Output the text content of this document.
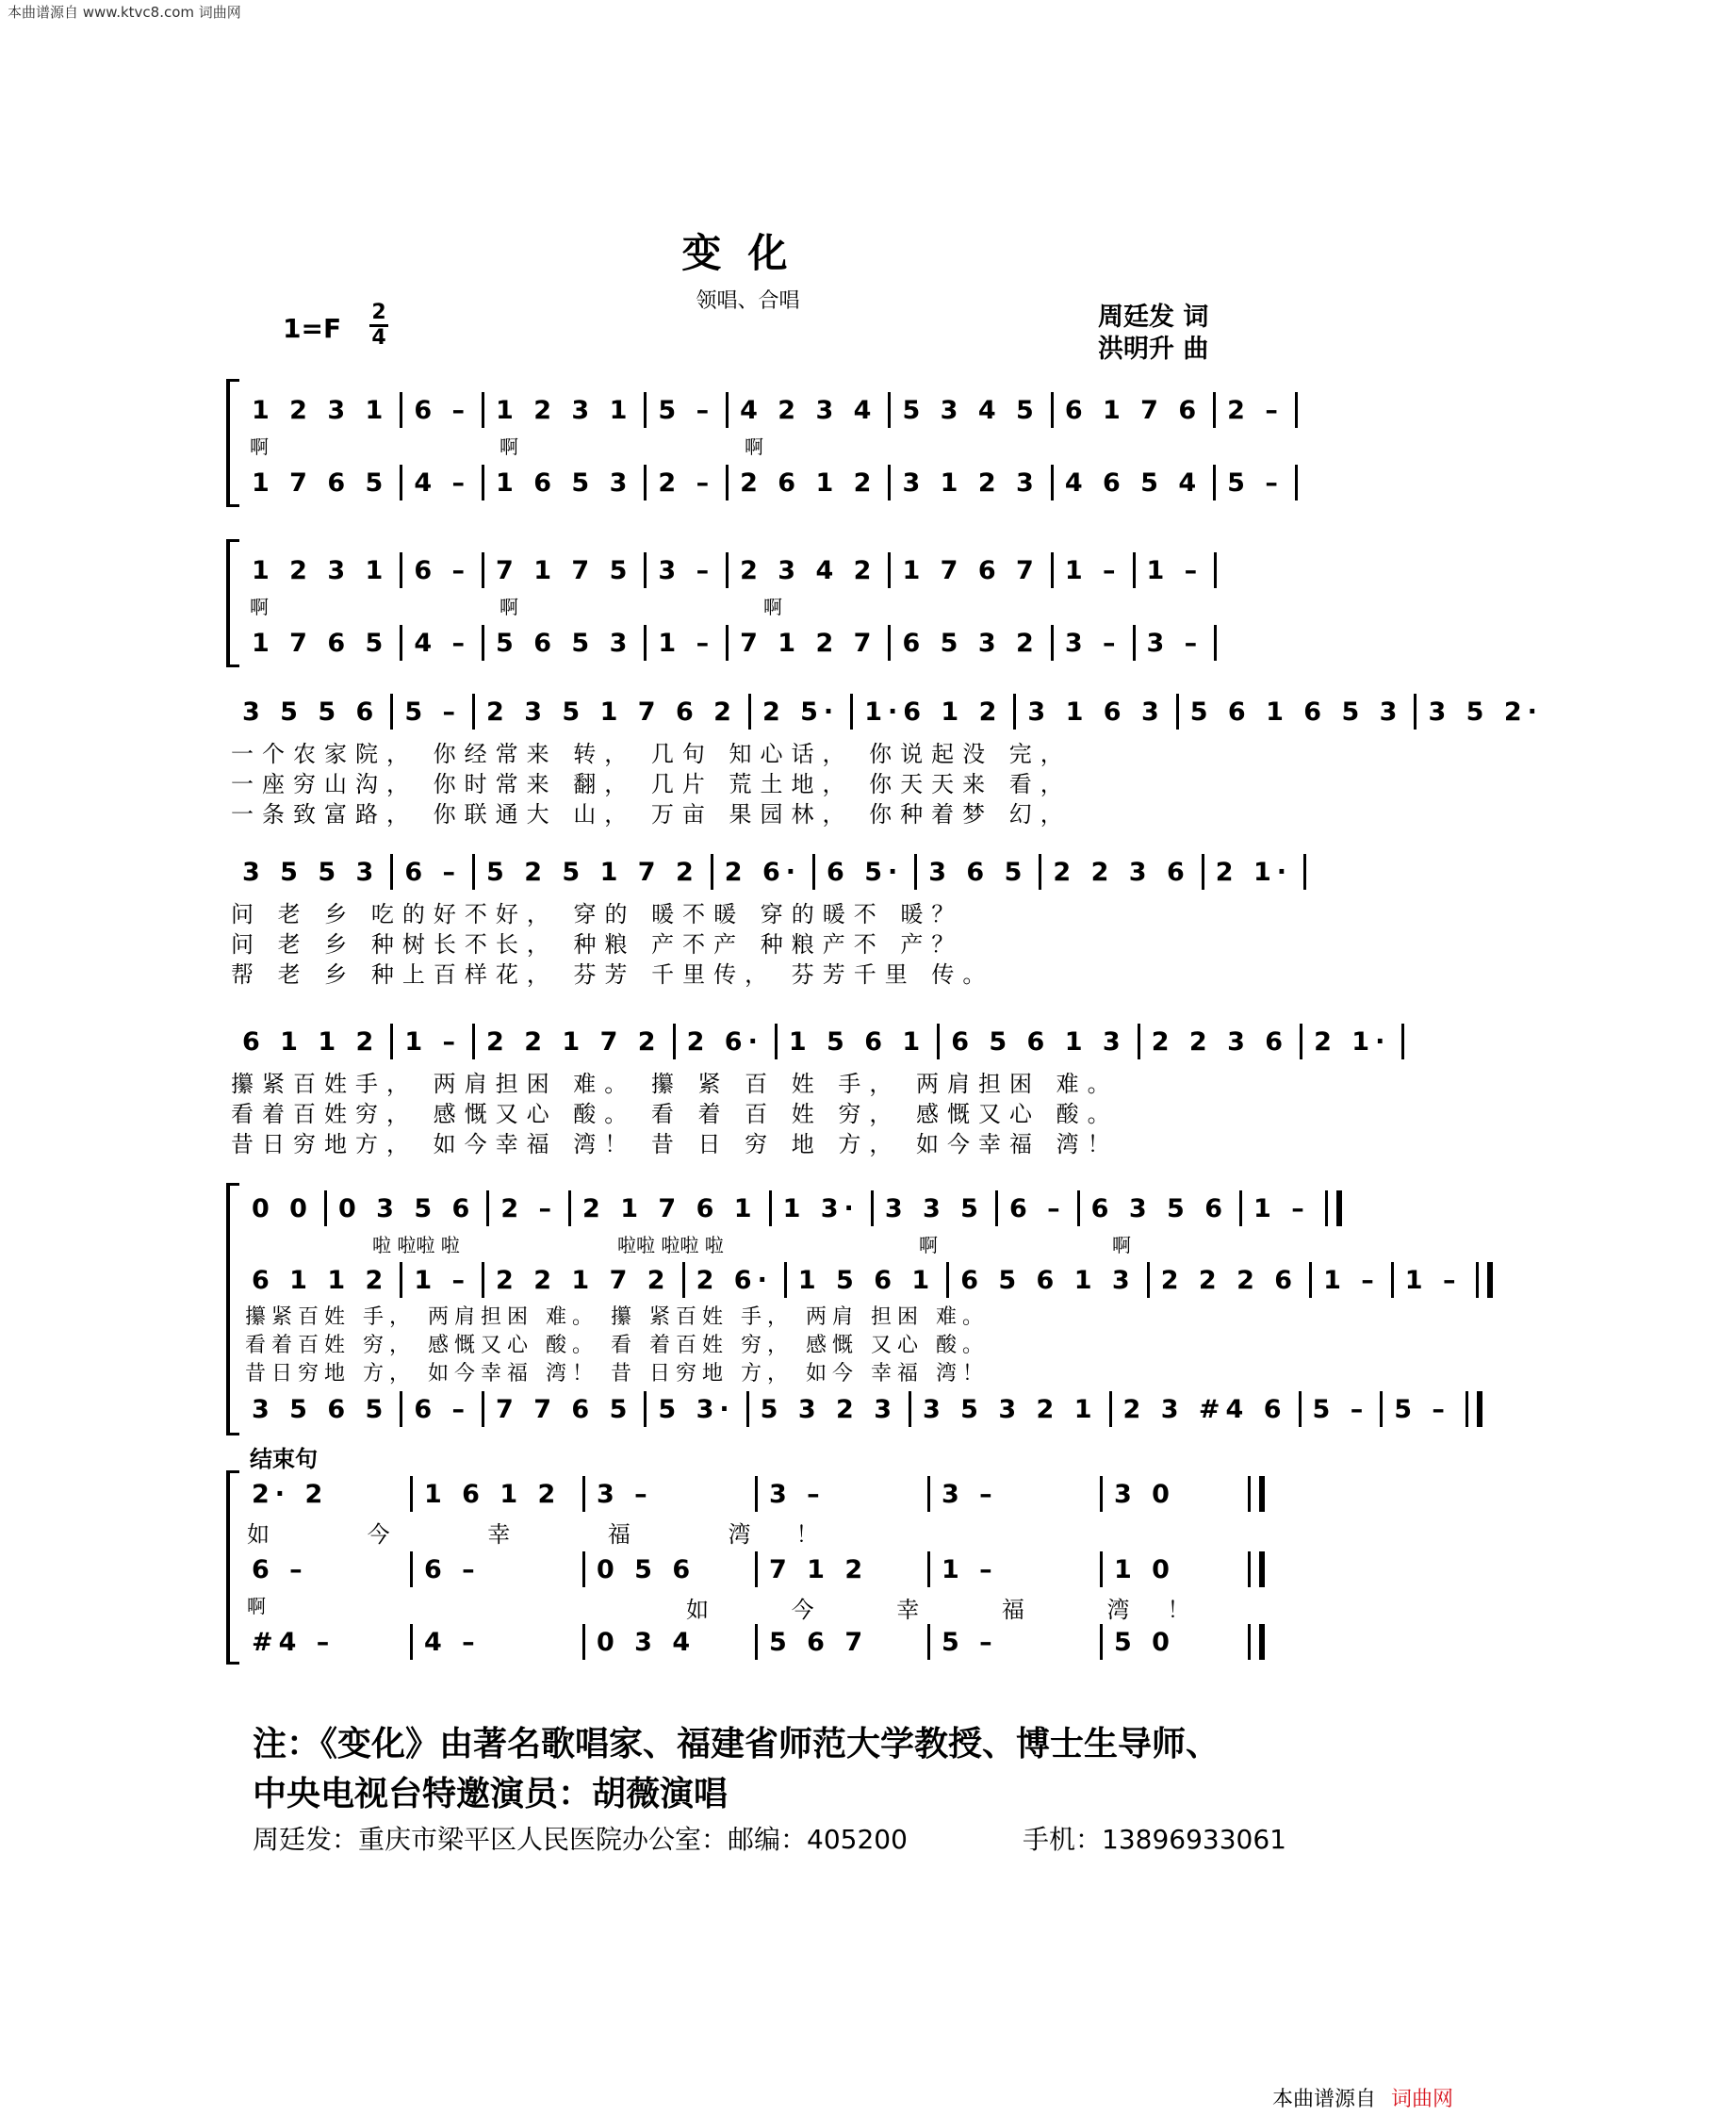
本曲谱源自 www.ktvc8.com 词曲网
变化
领唱、合唱
周廷发 词
洪明升 曲
1=F
2
4
1 2 3 1	6 –	1 2 3 1	5 –	4 2 3 4	5 3 4 5	6 1 7 6	2 –
啊	啊	啊
1 7 6 5	4 –	1 6 5 3	2 –	2 6 1 2	3 1 2 3	4 6 5 4	5 –
1 2 3 1	6 –	7 1 7 5	3 –	2 3 4 2	1 7 6 7	1 –	1 –
啊	啊	啊
1 7 6 5	4 –	5 6 5 3	1 –	7 1 2 7	6 5 3 2	3 –	3 –
3 5 5 6	5 –	2 3 5 1 7 6 2	2 5·	1·6 1 2	3 1 6 3	5 6 1 6 5 3	3 5 2·
一个农家院， 你经常来 转， 几句 知心话， 你说起没 完，
一座穷山沟， 你时常来 翻， 几片 荒土地， 你天天来 看，
一条致富路， 你联通大 山， 万亩 果园林， 你种着梦 幻，
3 5 5 3	6 –	5 2 5 1 7 2	2 6·	6 5·	3 6 5	2 2 3 6	2 1·
问 老 乡 吃的好不好， 穿的 暖不暖 穿的暖不 暖？
问 老 乡 种树长不长， 种粮 产不产 种粮产不 产？
帮 老 乡 种上百样花， 芬芳 千里传， 芬芳千里 传。
6 1 1 2	1 –	2 2 1 7 2	2 6·	1 5 6 1	6 5 6 1 3	2 2 3 6	2 1·
攥紧百姓手， 两肩担困 难。 攥 紧 百 姓 手， 两肩担困 难。
看着百姓穷， 感慨又心 酸。 看 着 百 姓 穷， 感慨又心 酸。
昔日穷地方， 如今幸福 湾！ 昔 日 穷 地 方， 如今幸福 湾！
0 0	0 3 5 6	2 –	2 1 7 6 1	1 3·	3 3 5	6 –	6 3 5 6	1 –
啦 啦啦 啦	啦啦 啦啦 啦	啊	啊
6 1 1 2	1 –	2 2 1 7 2	2 6·	1 5 6 1	6 5 6 1 3	2 2 2 6	1 –	1 –
攥紧百姓 手， 两肩担困 难。 攥 紧百姓 手， 两肩 担困 难。
看着百姓 穷， 感慨又心 酸。 看 着百姓 穷， 感慨 又心 酸。
昔日穷地 方， 如今幸福 湾！ 昔 日穷地 方， 如今 幸福 湾！
3 5 6 5	6 –	7 7 6 5	5 3·	5 3 2 3	3 5 3 2 1	2 3 #4 6	5 –	5 –
结束句
2· 2	1 6 1 2	3 –	3 –	3 –	3 0
如 今 幸 福 湾！
6 –	6 –	0 5 6	7 1 2	1 –	1 0
啊	如 今 幸 福 湾！
#4 –	4 –	0 3 4	5 6 7	5 –	5 0
注：《变化》由著名歌唱家、福建省师范大学教授、博士生导师、
中央电视台特邀演员：胡薇演唱
周廷发：重庆市梁平区人民医院办公室：邮编：405200	手机：13896933061
本曲谱源自 词曲网
